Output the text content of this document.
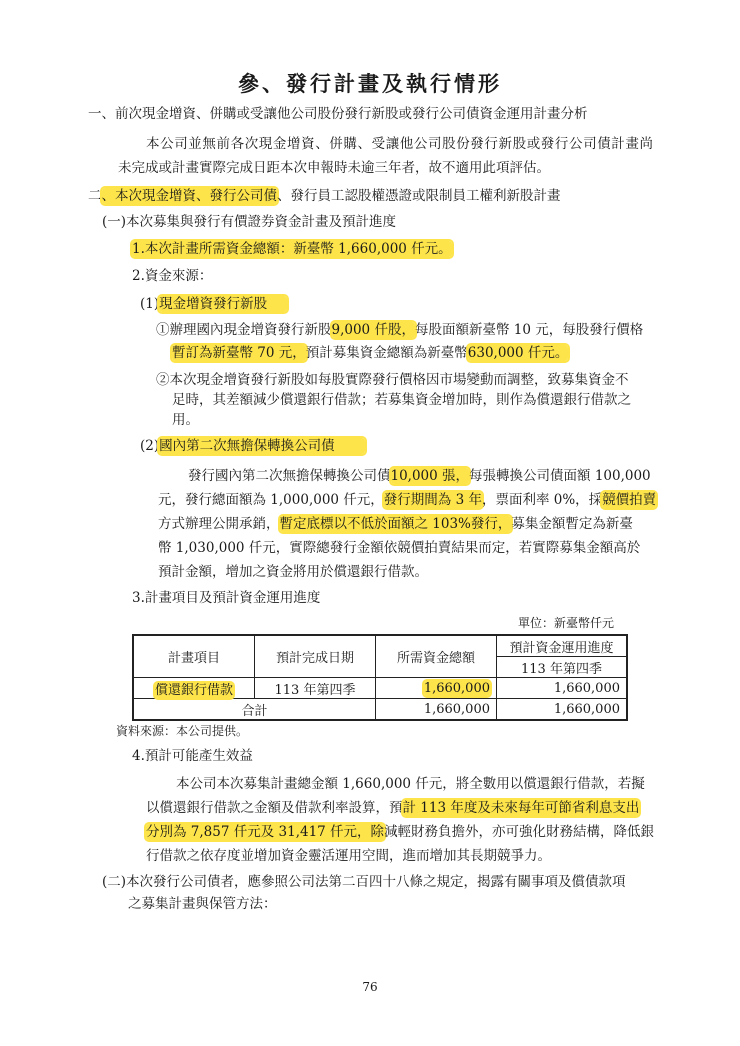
參、發行計畫及執行情形
一、前次現金增資、併購或受讓他公司股份發行新股或發行公司債資金運用計畫分析
本公司並無前各次現金增資、併購、受讓他公司股份發行新股或發行公司債計畫尚
未完成或計畫實際完成日距本次申報時未逾三年者，故不適用此項評估。
二、本次現金增資、發行公司債、發行員工認股權憑證或限制員工權利新股計畫
(一)本次募集與發行有價證券資金計畫及預計進度
1.本次計畫所需資金總額：新臺幣 1,660,000 仟元。
2.資金來源：
(1)現金增資發行新股
①辦理國內現金增資發行新股9,000 仟股，每股面額新臺幣 10 元，每股發行價格
暫訂為新臺幣 70 元，預計募集資金總額為新臺幣630,000 仟元。
②本次現金增資發行新股如每股實際發行價格因市場變動而調整，致募集資金不
足時，其差額減少償還銀行借款；若募集資金增加時，則作為償還銀行借款之
用。
(2)國內第二次無擔保轉換公司債
發行國內第二次無擔保轉換公司債10,000 張，每張轉換公司債面額 100,000
元，發行總面額為 1,000,000 仟元，發行期間為 3 年，票面利率 0%，採競價拍賣
方式辦理公開承銷，暫定底標以不低於面額之 103%發行，募集金額暫定為新臺
幣 1,030,000 仟元，實際總發行金額依競價拍賣結果而定，若實際募集金額高於
預計金額，增加之資金將用於償還銀行借款。
3.計畫項目及預計資金運用進度
單位：新臺幣仟元
計畫項目	預計完成日期	所需資金總額	預計資金運用進度
			113 年第四季
償還銀行借款	113 年第四季	1,660,000	1,660,000
合計		1,660,000	1,660,000
資料來源：本公司提供。
4.預計可能產生效益
本公司本次募集計畫總金額 1,660,000 仟元，將全數用以償還銀行借款，若擬
以償還銀行借款之金額及借款利率設算，預計 113 年度及未來每年可節省利息支出
分別為 7,857 仟元及 31,417 仟元，除減輕財務負擔外，亦可強化財務結構，降低銀
行借款之依存度並增加資金靈活運用空間，進而增加其長期競爭力。
(二)本次發行公司債者，應參照公司法第二百四十八條之規定，揭露有關事項及償債款項
之募集計畫與保管方法：
76
